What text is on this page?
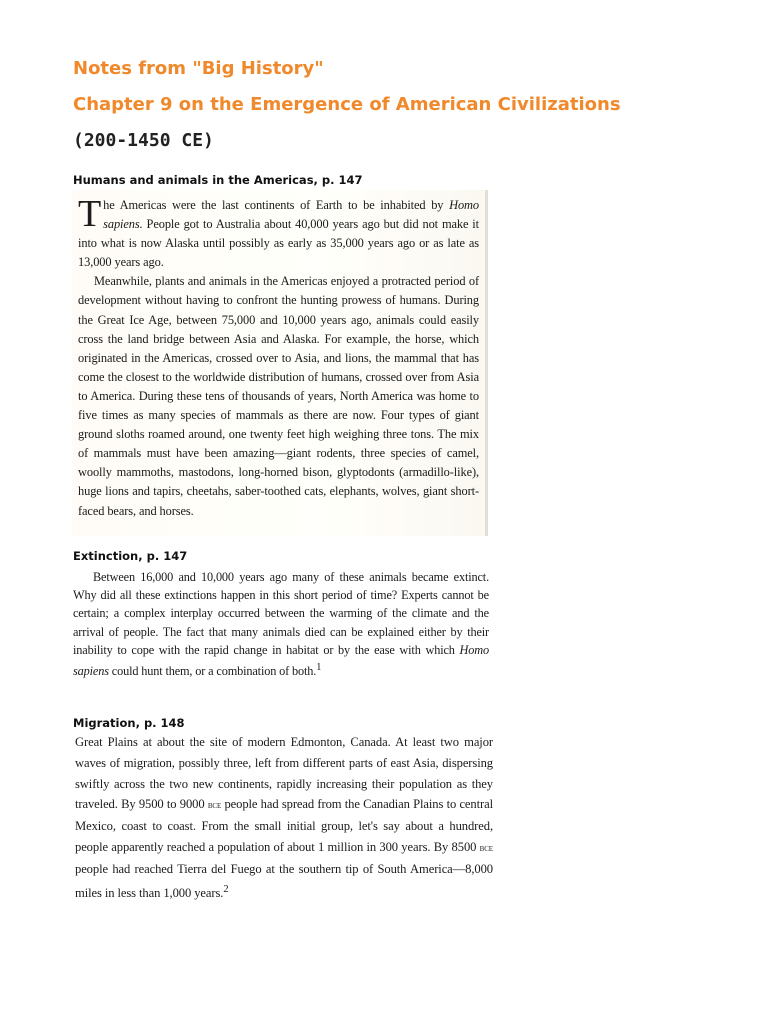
Notes from "Big History"
Chapter 9 on the Emergence of American Civilizations
(200-1450 CE)
Humans and animals in the Americas, p. 147

The Americas were the last continents of Earth to be inhabited by Homo sapiens. People got to Australia about 40,000 years ago but did not make it into what is now Alaska until possibly as early as 35,000 years ago or as late as 13,000 years ago.

Meanwhile, plants and animals in the Americas enjoyed a protracted period of development without having to confront the hunting prowess of humans. During the Great Ice Age, between 75,000 and 10,000 years ago, animals could easily cross the land bridge between Asia and Alaska. For example, the horse, which originated in the Americas, crossed over to Asia, and lions, the mammal that has come the closest to the worldwide distribution of humans, crossed over from Asia to America. During these tens of thousands of years, North America was home to five times as many species of mammals as there are now. Four types of giant ground sloths roamed around, one twenty feet high weighing three tons. The mix of mammals must have been amazing—giant rodents, three species of camel, woolly mammoths, mastodons, long-horned bison, glyptodonts (armadillo-like), huge lions and tapirs, cheetahs, saber-toothed cats, elephants, wolves, giant short-faced bears, and horses.

Extinction, p. 147

Between 16,000 and 10,000 years ago many of these animals became extinct. Why did all these extinctions happen in this short period of time? Experts cannot be certain; a complex interplay occurred between the warming of the climate and the arrival of people. The fact that many animals died can be explained either by their inability to cope with the rapid change in habitat or by the ease with which Homo sapiens could hunt them, or a combination of both.$^1$

Migration, p. 148

Great Plains at about the site of modern Edmonton, Canada. At least two major waves of migration, possibly three, left from different parts of east Asia, dispersing swiftly across the two new continents, rapidly increasing their population as they traveled. By 9500 to 9000 bce people had spread from the Canadian Plains to central Mexico, coast to coast. From the small initial group, let's say about a hundred, people apparently reached a population of about 1 million in 300 years. By 8500 bce people had reached Tierra del Fuego at the southern tip of South America—8,000 miles in less than 1,000 years.$^2$
